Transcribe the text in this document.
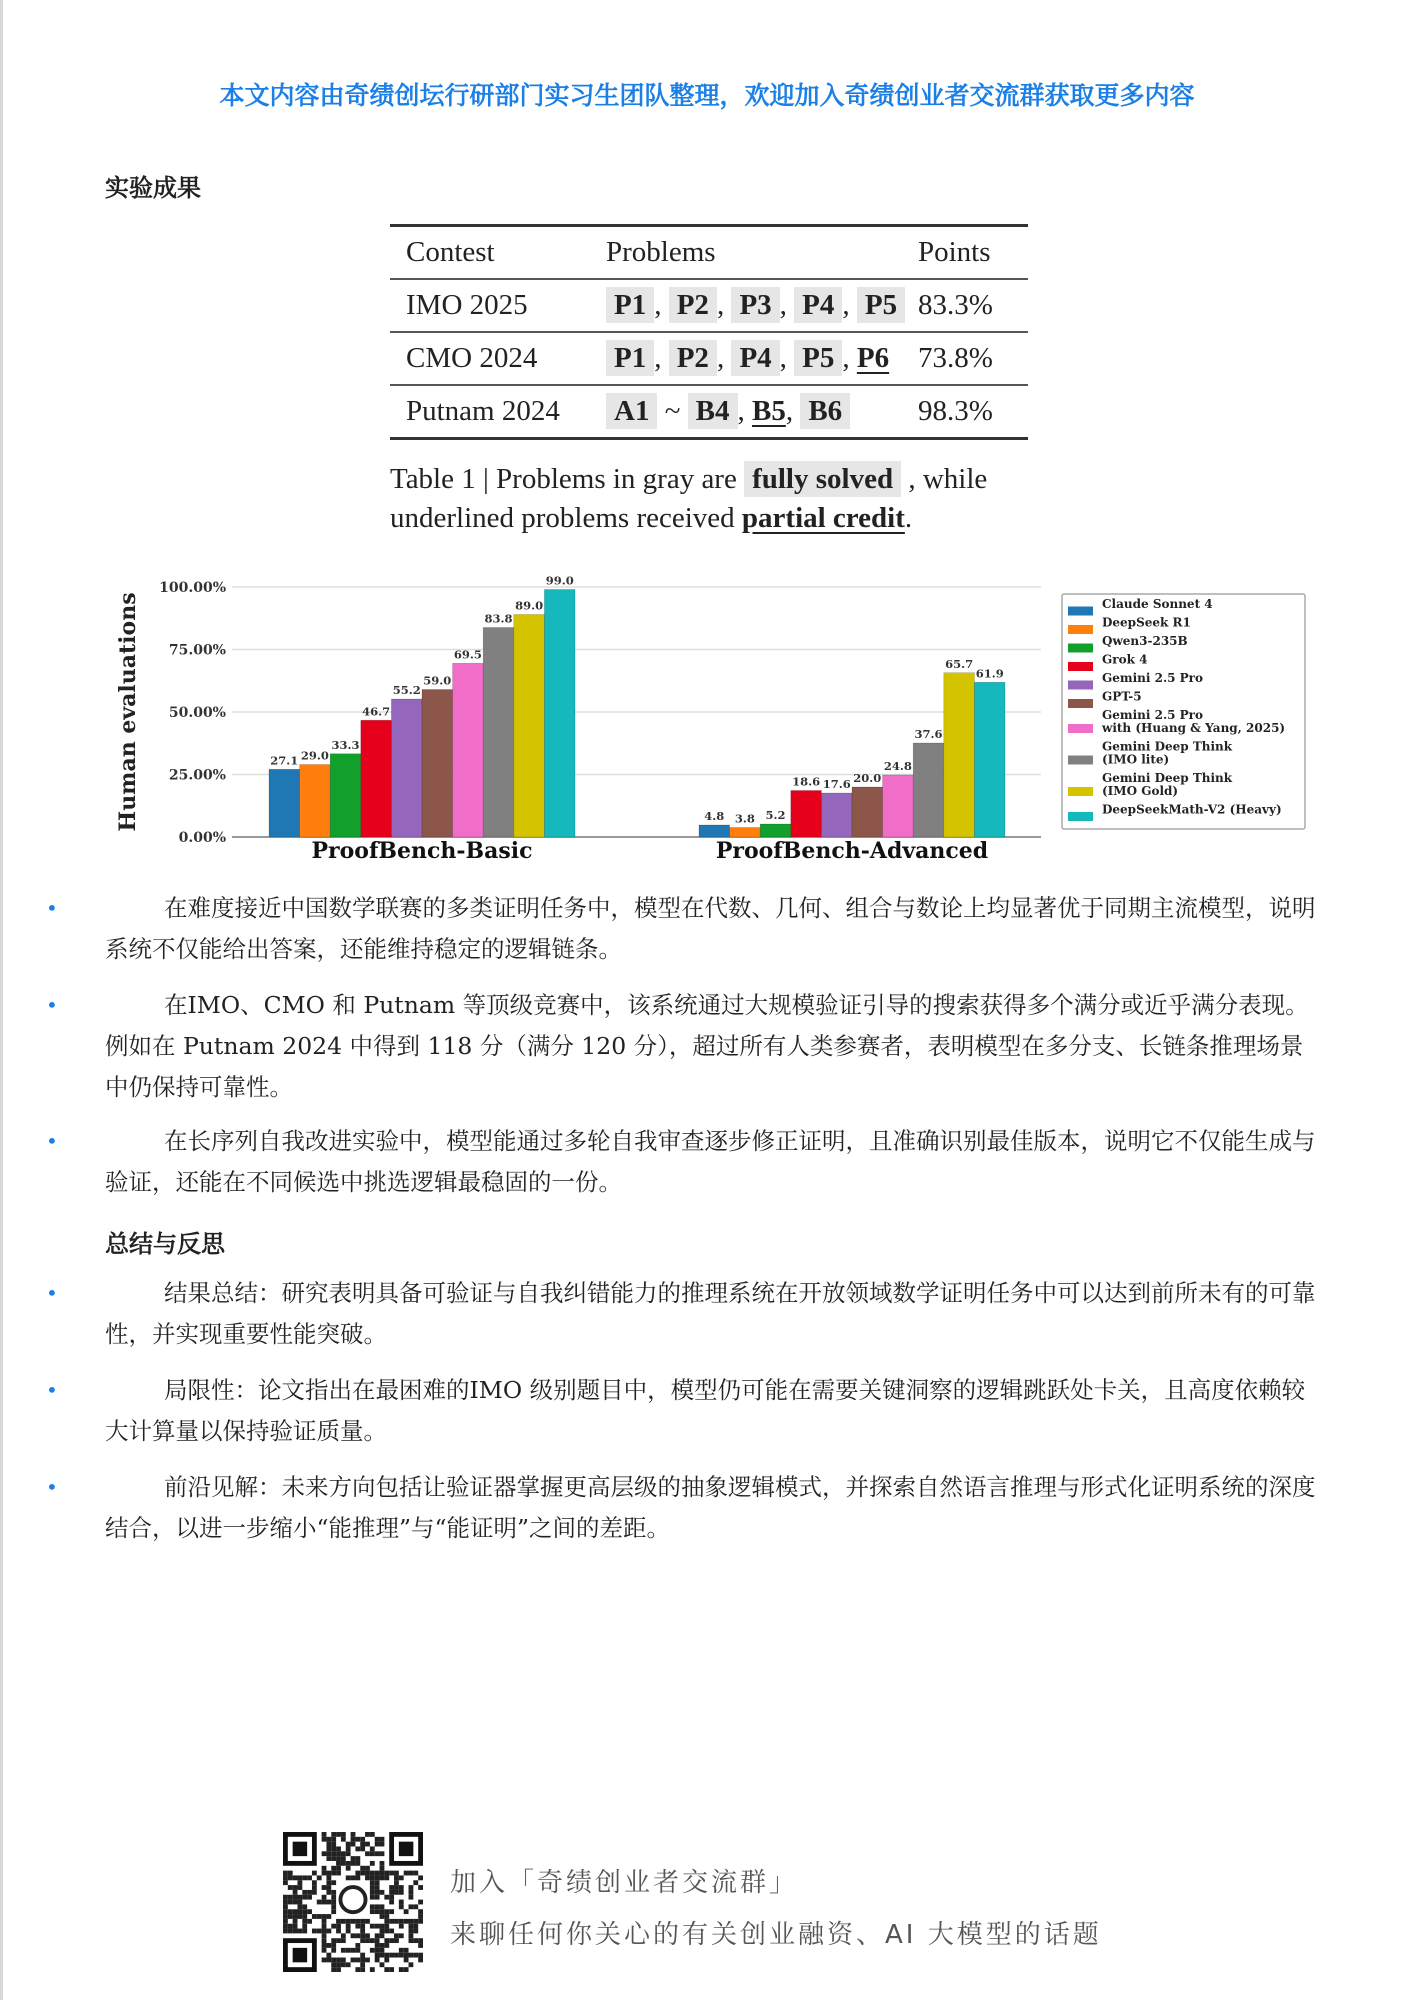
本文内容由奇绩创坛行研部门实习生团队整理，欢迎加入奇绩创业者交流群获取更多内容
实验成果
Contest	Problems	Points
IMO 2025	P1 , P2 , P3 , P4 , P5	83.3%
CMO 2024	P1 , P2 , P4 , P5 , P6	73.8%
Putnam 2024	A1 ~ B4 , B5, B6	98.3%
Table 1 | Problems in gray are fully solved , while underlined problems received partial credit.
0.00%
25.00%
50.00%
75.00%
100.00%
Human evaluations	27.1 29.0
33.3
46.7
55.2
59.0
69.5
83.8
89.0
99.0
ProofBench-Basic
4.8 3.8 5.2
18.6 17.6 20.0
24.8
37.6
65.7
61.9
ProofBench-Advanced
Claude Sonnet 4
DeepSeek R1
Qwen3-235B
Grok 4
Gemini 2.5 Pro
GPT-5
Gemini 2.5 Pro with (Huang & Yang, 2025)
Gemini Deep Think (IMO lite)
Gemini Deep Think (IMO Gold)
DeepSeekMath-V2 (Heavy)
•	在难度接近中国数学联赛的多类证明任务中，模型在代数、几何、组合与数论上均显著优于同期主流模型，说明系统不仅能给出答案，还能维持稳定的逻辑链条。
•	在IMO、CMO 和 Putnam 等顶级竞赛中，该系统通过大规模验证引导的搜索获得多个满分或近乎满分表现。例如在 Putnam 2024 中得到 118 分（满分 120 分），超过所有人类参赛者，表明模型在多分支、长链条推理场景中仍保持可靠性。
•	在长序列自我改进实验中，模型能通过多轮自我审查逐步修正证明，且准确识别最佳版本，说明它不仅能生成与验证，还能在不同候选中挑选逻辑最稳固的一份。
总结与反思
•	结果总结：研究表明具备可验证与自我纠错能力的推理系统在开放领域数学证明任务中可以达到前所未有的可靠性，并实现重要性能突破。
•	局限性：论文指出在最困难的IMO 级别题目中，模型仍可能在需要关键洞察的逻辑跳跃处卡关，且高度依赖较大计算量以保持验证质量。
•	前沿见解：未来方向包括让验证器掌握更高层级的抽象逻辑模式，并探索自然语言推理与形式化证明系统的深度结合，以进一步缩小“能推理”与“能证明”之间的差距。
加入「奇绩创业者交流群」
来聊任何你关心的有关创业融资、AI 大模型的话题
